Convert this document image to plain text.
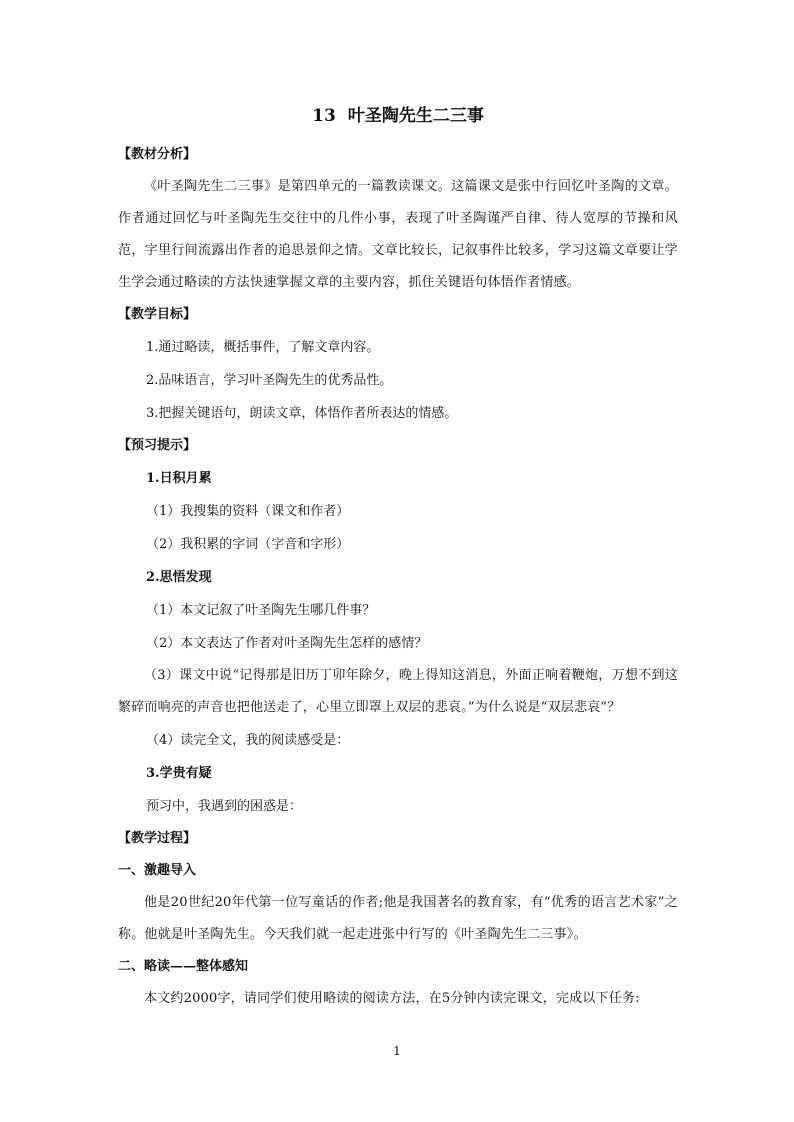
13 叶圣陶先生二三事
【教材分析】

《叶圣陶先生二三事》是第四单元的一篇教读课文。这篇课文是张中行回忆叶圣陶的文章。作者通过回忆与叶圣陶先生交往中的几件小事，表现了叶圣陶谨严自律、待人宽厚的节操和风范，字里行间流露出作者的追思景仰之情。文章比较长，记叙事件比较多，学习这篇文章要让学生学会通过略读的方法快速掌握文章的主要内容，抓住关键语句体悟作者情感。

【教学目标】
1.通过略读，概括事件，了解文章内容。
2.品味语言，学习叶圣陶先生的优秀品性。
3.把握关键语句，朗读文章，体悟作者所表达的情感。
【预习提示】
1.日积月累
（1）我搜集的资料（课文和作者）
（2）我积累的字词（字音和字形）
2.思悟发现
（1）本文记叙了叶圣陶先生哪几件事？
（2）本文表达了作者对叶圣陶先生怎样的感情？

（3）课文中说“记得那是旧历丁卯年除夕，晚上得知这消息，外面正响着鞭炮，万想不到这繁碎而响亮的声音也把他送走了，心里立即罩上双层的悲哀。”为什么说是“双层悲哀”？

（4）读完全文，我的阅读感受是：
3.学贵有疑
预习中，我遇到的困惑是：
【教学过程】
一、激趣导入

他是20世纪20年代第一位写童话的作者;他是我国著名的教育家，有“优秀的语言艺术家”之称。他就是叶圣陶先生。今天我们就一起走进张中行写的《叶圣陶先生二三事》。

二、略读——整体感知

本文约2000字，请同学们使用略读的阅读方法，在5分钟内读完课文，完成以下任务:

1
